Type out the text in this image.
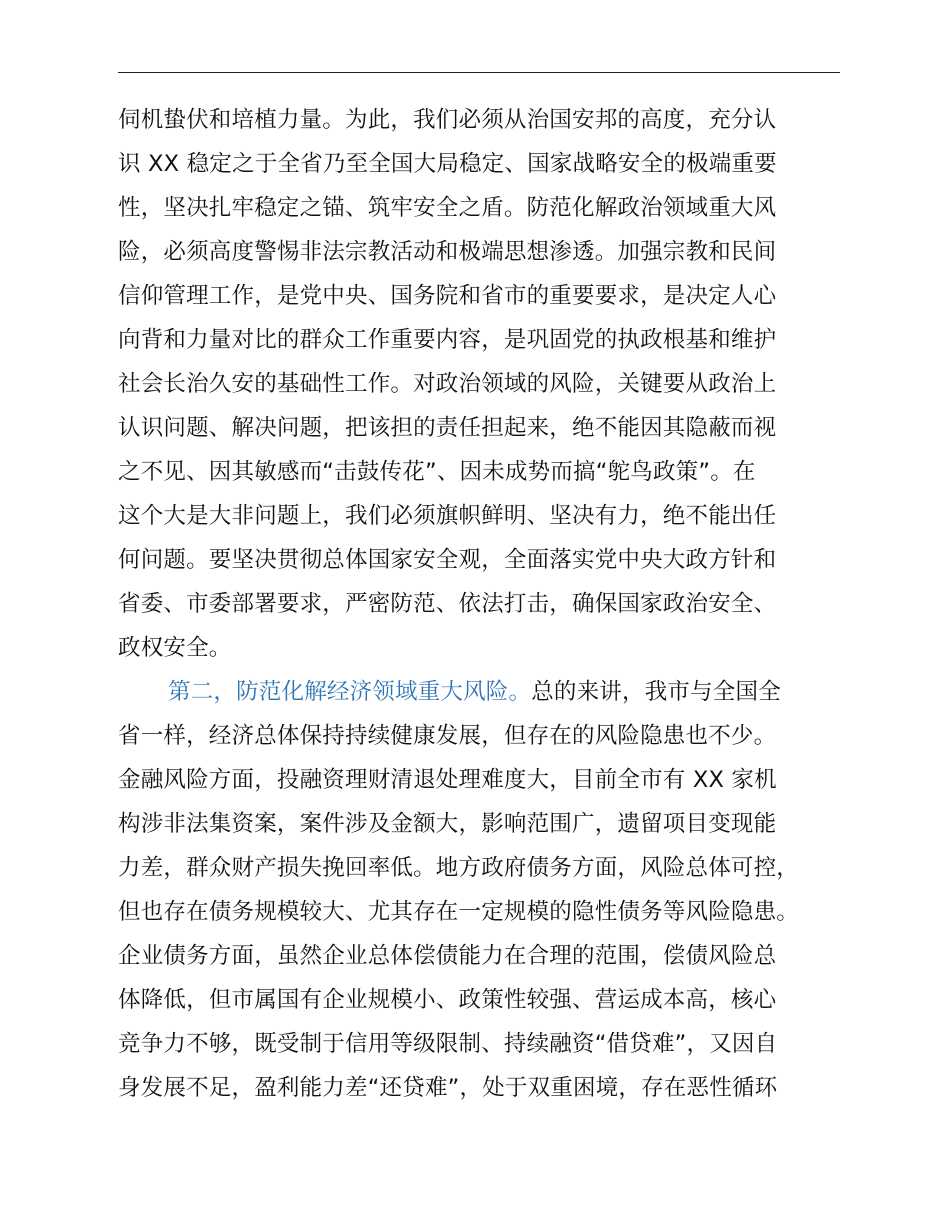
伺机蛰伏和培植力量。为此，我们必须从治国安邦的高度，充分认
识 XX 稳定之于全省乃至全国大局稳定、国家战略安全的极端重要
性，坚决扎牢稳定之锚、筑牢安全之盾。防范化解政治领域重大风
险，必须高度警惕非法宗教活动和极端思想渗透。加强宗教和民间
信仰管理工作，是党中央、国务院和省市的重要要求，是决定人心
向背和力量对比的群众工作重要内容，是巩固党的执政根基和维护
社会长治久安的基础性工作。对政治领域的风险，关键要从政治上
认识问题、解决问题，把该担的责任担起来，绝不能因其隐蔽而视
之不见、因其敏感而“击鼓传花”、因未成势而搞“鸵鸟政策”。在
这个大是大非问题上，我们必须旗帜鲜明、坚决有力，绝不能出任
何问题。要坚决贯彻总体国家安全观，全面落实党中央大政方针和
省委、市委部署要求，严密防范、依法打击，确保国家政治安全、
政权安全。
第二，防范化解经济领域重大风险。总的来讲，我市与全国全
省一样，经济总体保持持续健康发展，但存在的风险隐患也不少。
金融风险方面，投融资理财清退处理难度大，目前全市有 XX 家机
构涉非法集资案，案件涉及金额大，影响范围广，遗留项目变现能
力差，群众财产损失挽回率低。地方政府债务方面，风险总体可控，
但也存在债务规模较大、尤其存在一定规模的隐性债务等风险隐患。
企业债务方面，虽然企业总体偿债能力在合理的范围，偿债风险总
体降低，但市属国有企业规模小、政策性较强、营运成本高，核心
竞争力不够，既受制于信用等级限制、持续融资“借贷难”，又因自
身发展不足，盈利能力差“还贷难”，处于双重困境，存在恶性循环
